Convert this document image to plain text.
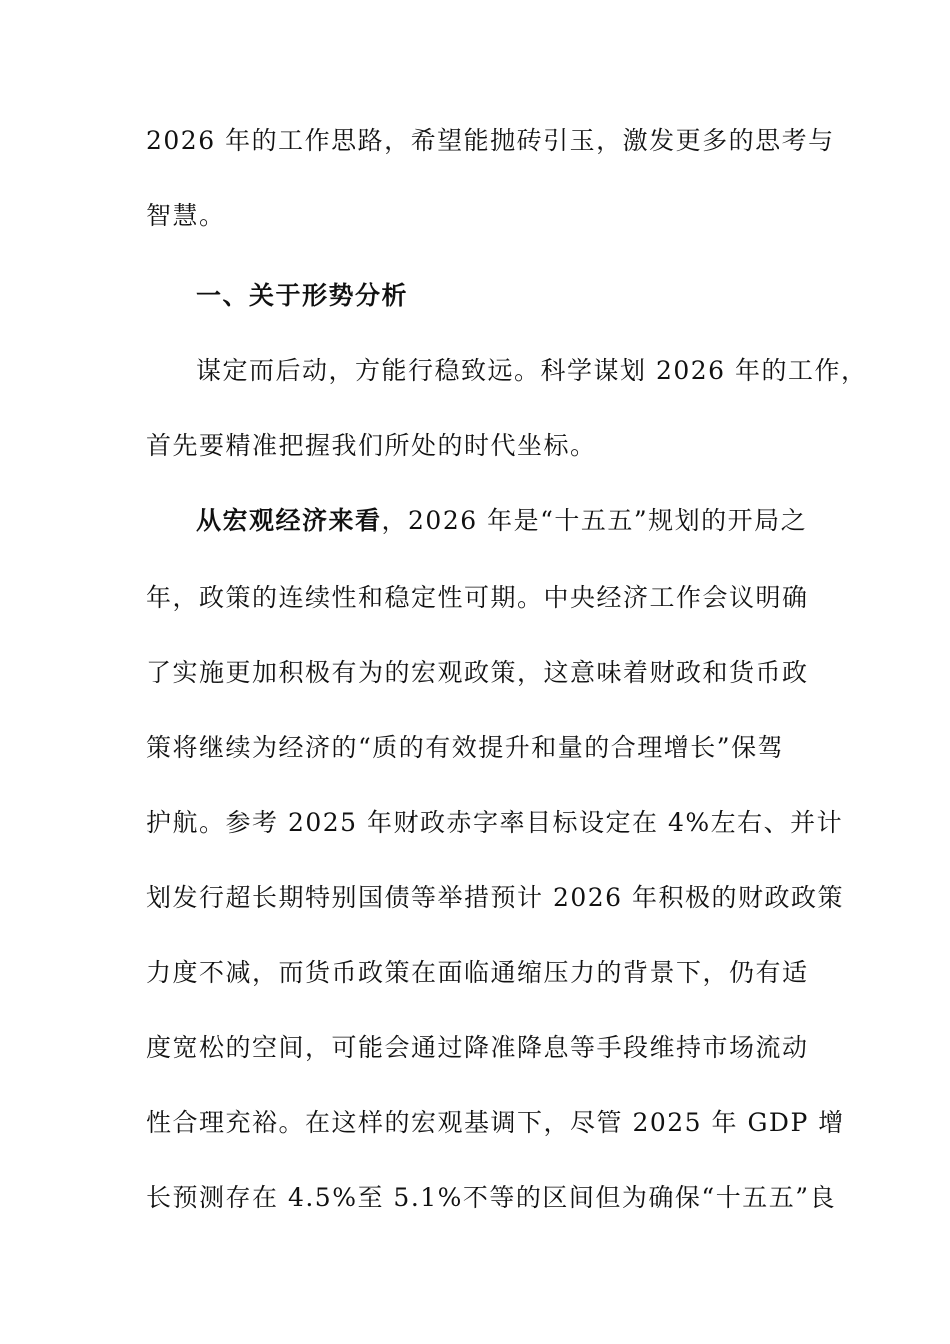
2026 年的工作思路，希望能抛砖引玉，激发更多的思考与
智慧。
一、关于形势分析
谋定而后动，方能行稳致远。科学谋划 2026 年的工作，
首先要精准把握我们所处的时代坐标。
从宏观经济来看，2026 年是“十五五”规划的开局之
年，政策的连续性和稳定性可期。中央经济工作会议明确
了实施更加积极有为的宏观政策，这意味着财政和货币政
策将继续为经济的“质的有效提升和量的合理增长”保驾
护航。参考 2025 年财政赤字率目标设定在 4%左右、并计
划发行超长期特别国债等举措预计 2026 年积极的财政政策
力度不减，而货币政策在面临通缩压力的背景下，仍有适
度宽松的空间，可能会通过降准降息等手段维持市场流动
性合理充裕。在这样的宏观基调下，尽管 2025 年 GDP 增
长预测存在 4.5%至 5.1%不等的区间但为确保“十五五”良
